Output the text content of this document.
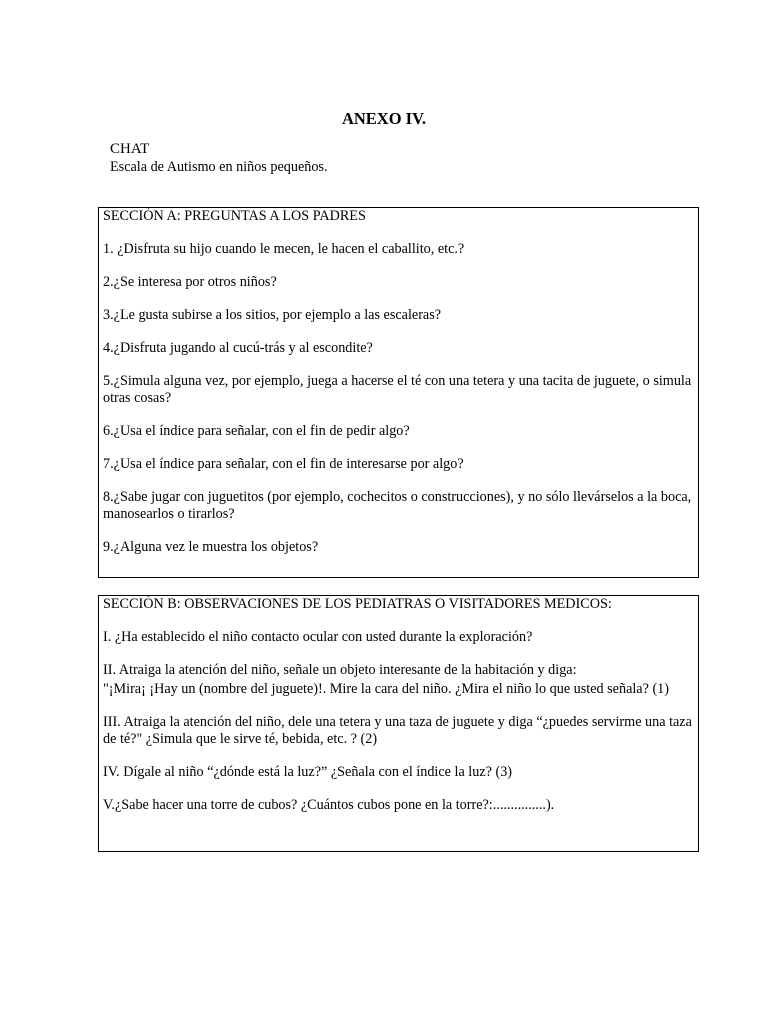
ANEXO IV.
CHAT
Escala de Autismo en niños pequeños.

SECCIÓN A: PREGUNTAS A LOS PADRES

1. ¿Disfruta su hijo cuando le mecen, le hacen el caballito, etc.?

2.¿Se interesa por otros niños?

3.¿Le gusta subirse a los sitios, por ejemplo a las escaleras?

4.¿Disfruta jugando al cucú-trás y al escondite?

5.¿Simula alguna vez, por ejemplo, juega a hacerse el té con una tetera y una tacita de juguete, o simula otras cosas?

6.¿Usa el índice para señalar, con el fin de pedir algo?

7.¿Usa el índice para señalar, con el fin de interesarse por algo?

8.¿Sabe jugar con juguetitos (por ejemplo, cochecitos o construcciones), y no sólo llevárselos a la boca, manosearlos o tirarlos?

9.¿Alguna vez le muestra los objetos?

SECCIÓN B: OBSERVACIONES DE LOS PEDIATRAS O VISITADORES MEDICOS:

I. ¿Ha establecido el niño contacto ocular con usted durante la exploración?

II. Atraiga la atención del niño, señale un objeto interesante de la habitación y diga:

"¡Mira¡ ¡Hay un (nombre del juguete)!. Mire la cara del niño. ¿Mira el niño lo que usted señala? (1)

III. Atraiga la atención del niño, dele una tetera y una taza de juguete y diga “¿puedes servirme una taza de té?" ¿Simula que le sirve té, bebida, etc. ? (2)

IV. Dígale al niño “¿dónde está la luz?” ¿Señala con el índice la luz? (3)

V.¿Sabe hacer una torre de cubos? ¿Cuántos cubos pone en la torre?:...............).
